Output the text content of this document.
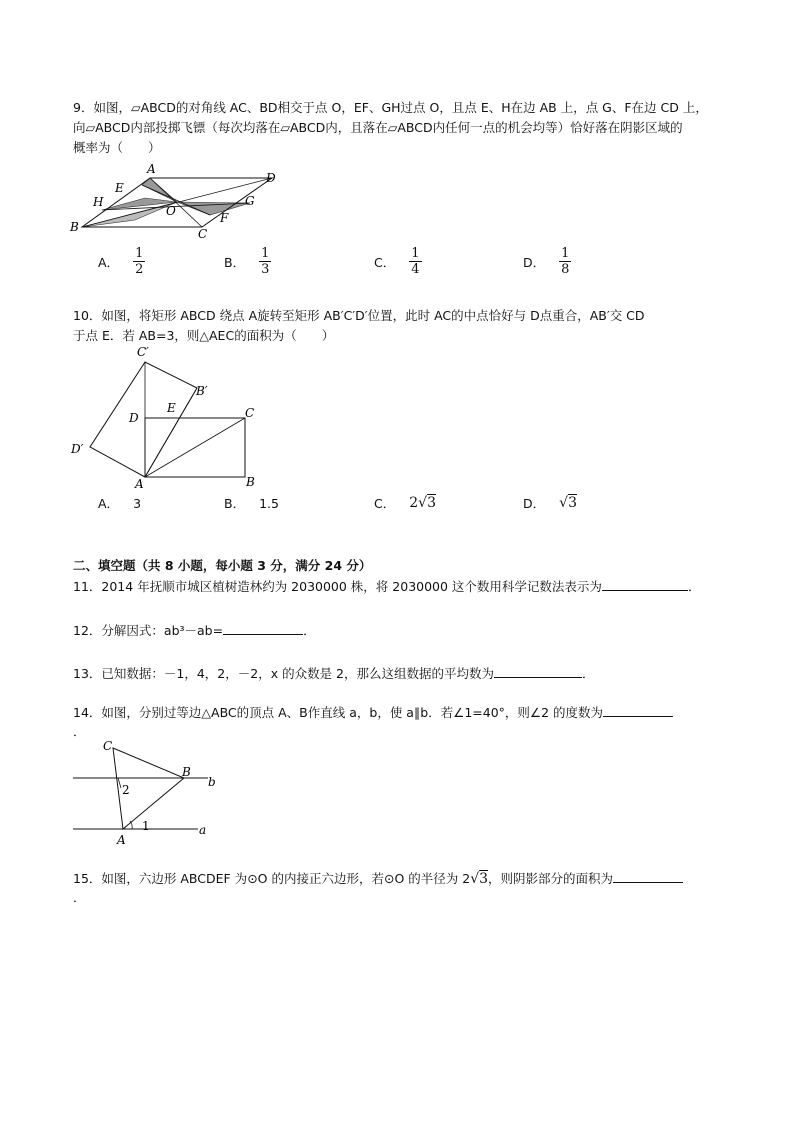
9．如图，▱ABCD的对角线 AC、BD相交于点 O，EF、GH过点 O，且点 E、H在边 AB 上，点 G、F在边 CD 上，
向▱ABCD内部投掷飞镖（每次均落在▱ABCD内，且落在▱ABCD内任何一点的机会均等）恰好落在阴影区域的
概率为（　　）
A
D
E
G
H
O	F
B	C
A． $\frac{1}{2}$	B． $\frac{1}{3}$	C． $\frac{1}{4}$	D． $\frac{1}{8}$
10．如图，将矩形 ABCD 绕点 A旋转至矩形 AB′C′D′位置，此时 AC的中点恰好与 D点重合，AB′交 CD
于点 E．若 AB=3，则△AEC的面积为（　　）
C′
B′
E
D	C
D′
A	B
A． 3	B． 1.5	C． 2√3	D． √3
二、填空题（共 8 小题，每小题 3 分，满分 24 分）
11．2014 年抚顺市城区植树造林约为 2030000 株，将 2030000 这个数用科学记数法表示为	．
12．分解因式：ab³－ab=	．
13．已知数据：－1，4，2，－2，x 的众数是 2，那么这组数据的平均数为	．
14．如图，分别过等边△ABC的顶点 A、B作直线 a，b，使 a∥b．若∠1=40°，则∠2 的度数为
．
C
B
b
2
1	a
A
15．如图，六边形 ABCDEF 为⊙O 的内接正六边形，若⊙O 的半径为 2√3，则阴影部分的面积为
．
